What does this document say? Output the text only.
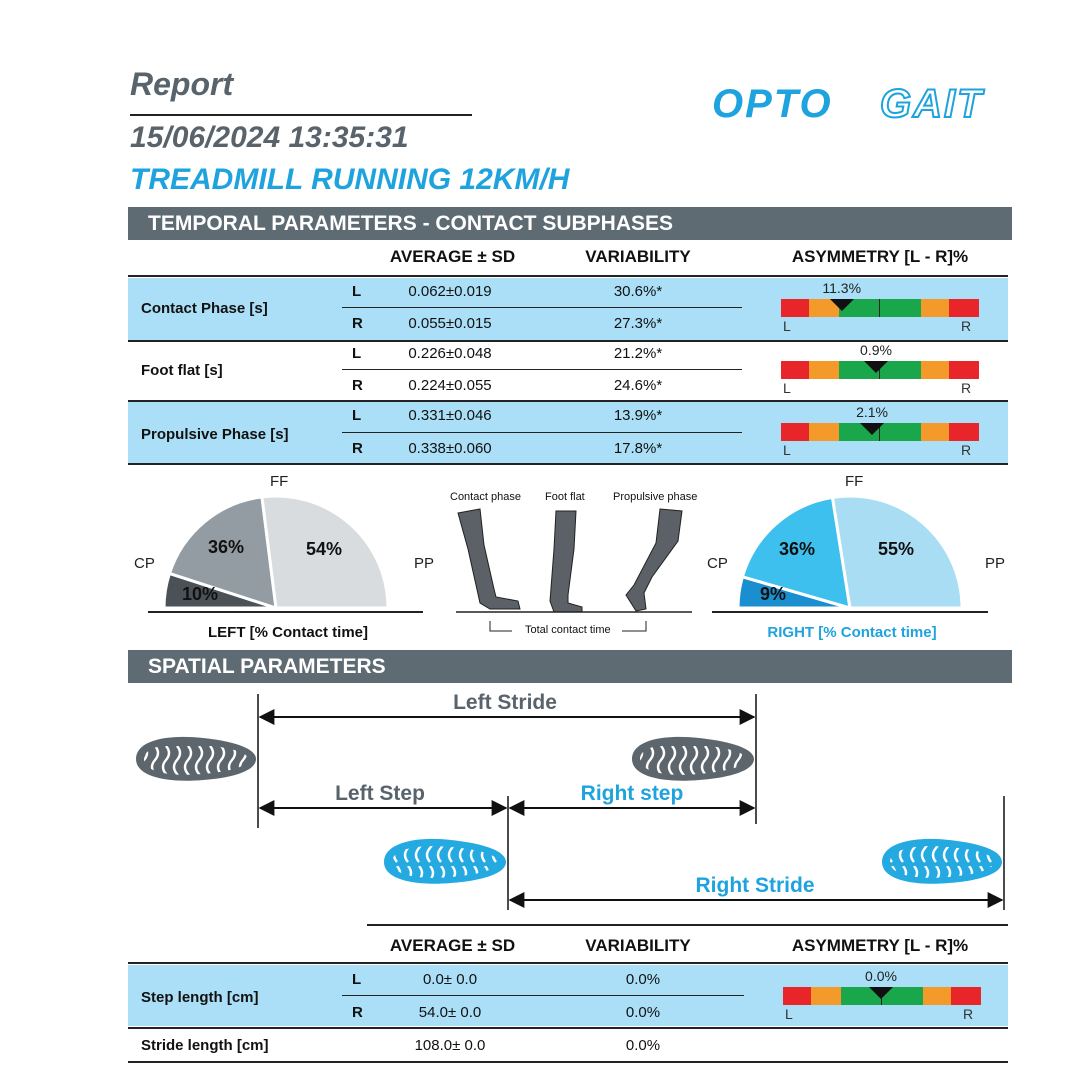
Report
15/06/2024 13:35:31
TREADMILL RUNNING 12KM/H
OPTO GAIT
TEMPORAL PARAMETERS - CONTACT SUBPHASES
AVERAGE ± SD	VARIABILITY	ASYMMETRY [L - R]%
Contact Phase [s]
L	0.062±0.019	30.6%*
R	0.055±0.015	27.3%*
11.3%
L	R
Foot flat [s]
L	0.226±0.048	21.2%*
R	0.224±0.055	24.6%*
0.9%
L	R
Propulsive Phase [s]
L	0.331±0.046	13.9%*
R	0.338±0.060	17.8%*
2.1%
L	R
FF
CP	PP
36%	54%
10%
LEFT [% Contact time]
Contact phase Foot flat	Propulsive phase
Total contact time
FF
CP	PP
36%	55%
9%
RIGHT [% Contact time]
SPATIAL PARAMETERS
Left Stride
Left Step	Right step
Right Stride
AVERAGE ± SD	VARIABILITY	ASYMMETRY [L - R]%
Step length [cm]
L	0.0± 0.0	0.0%
R	54.0± 0.0	0.0%
0.0%
L	R
Stride length [cm]	108.0± 0.0	0.0%
